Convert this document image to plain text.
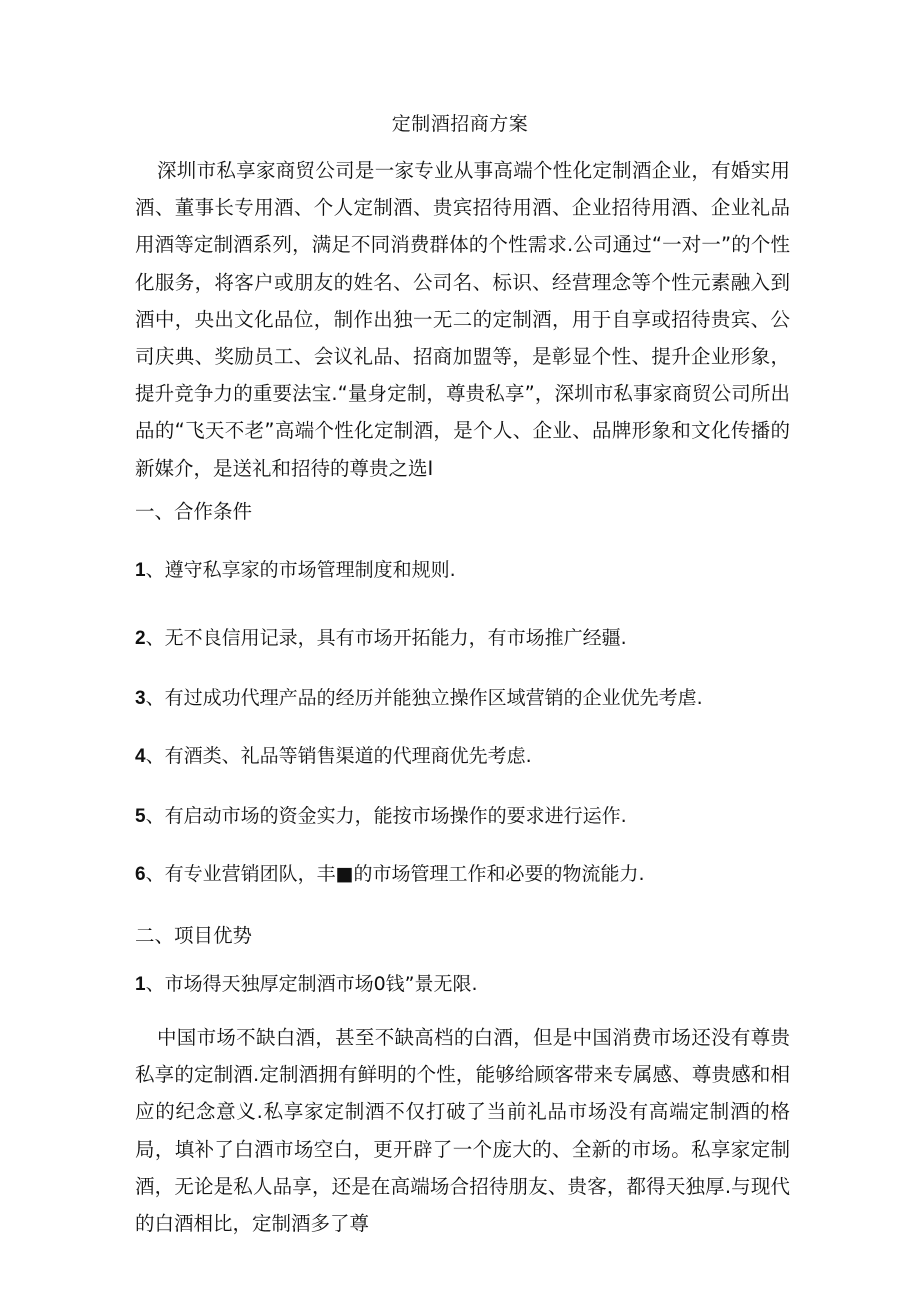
定制酒招商方案
深圳市私享家商贸公司是一家专业从事高端个性化定制酒企业，有婚实用酒、董事长专用酒、个人定制酒、贵宾招待用酒、企业招待用酒、企业礼品用酒等定制酒系列，满足不同消费群体的个性需求.公司通过“一对一”的个性化服务，将客户或朋友的姓名、公司名、标识、经营理念等个性元素融入到酒中，央出文化品位，制作出独一无二的定制酒，用于自享或招待贵宾、公司庆典、奖励员工、会议礼品、招商加盟等，是彰显个性、提升企业形象，提升竞争力的重要法宝.“量身定制，尊贵私享”，深圳市私事家商贸公司所出品的“飞天不老”高端个性化定制酒，是个人、企业、品牌形象和文化传播的新媒介，是送礼和招待的尊贵之选I
一、合作条件
1、遵守私享家的市场管理制度和规则.
2、无不良信用记录，具有市场开拓能力，有市场推广经疆.
3、有过成功代理产品的经历并能独立操作区域营销的企业优先考虐.
4、有酒类、礼品等销售渠道的代理商优先考虑.
5、有启动市场的资金实力，能按市场操作的要求进行运作.
6、有专业营销团队，丰■的市场管理工作和必要的物流能力.
二、项目优势
1、市场得天独厚定制酒市场0钱”景无限.
中国市场不缺白酒，甚至不缺高档的白酒，但是中国消费市场还没有尊贵私享的定制酒.定制酒拥有鲜明的个性，能够给顾客带来专属感、尊贵感和相应的纪念意义.私享家定制酒不仅打破了当前礼品市场没有高端定制酒的格局，填补了白酒市场空白，更开辟了一个庞大的、全新的市场。私享家定制酒，无论是私人品享，还是在高端场合招待朋友、贵客，都得天独厚.与现代的白酒相比，定制酒多了尊
